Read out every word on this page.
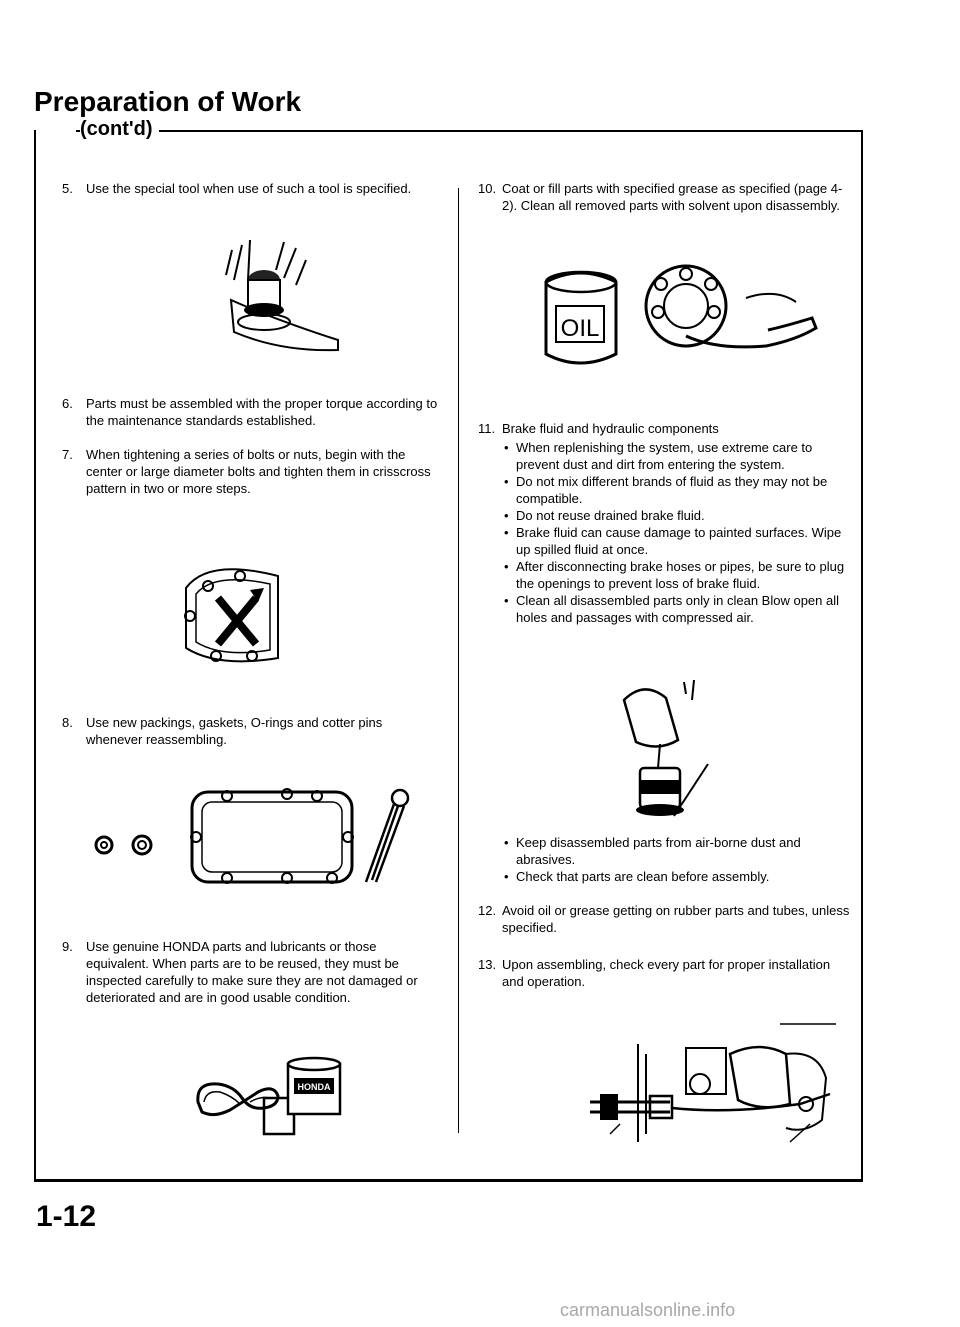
Preparation of Work
(cont'd)
5. Use the special tool when use of such a tool is specified.
6. Parts must be assembled with the proper torque according to the maintenance standards established.
7. When tightening a series of bolts or nuts, begin with the center or large diameter bolts and tighten them in crisscross pattern in two or more steps.
8. Use new packings, gaskets, O-rings and cotter pins whenever reassembling.
9. Use genuine HONDA parts and lubricants or those equivalent. When parts are to be reused, they must be inspected carefully to make sure they are not damaged or deteriorated and are in good usable condition.
HONDA
10. Coat or fill parts with specified grease as specified (page 4-2). Clean all removed parts with solvent upon disassembly.
OIL
11. Brake fluid and hydraulic components
• When replenishing the system, use extreme care to prevent dust and dirt from entering the system.
• Do not mix different brands of fluid as they may not be compatible.
• Do not reuse drained brake fluid.
• Brake fluid can cause damage to painted surfaces. Wipe up spilled fluid at once.
• After disconnecting brake hoses or pipes, be sure to plug the openings to prevent loss of brake fluid.
• Clean all disassembled parts only in clean Blow open all holes and passages with compressed air.
• Keep disassembled parts from air-borne dust and abrasives.
• Check that parts are clean before assembly.
12. Avoid oil or grease getting on rubber parts and tubes, unless specified.
13. Upon assembling, check every part for proper installation and operation.
1-12
carmanualsonline.info
